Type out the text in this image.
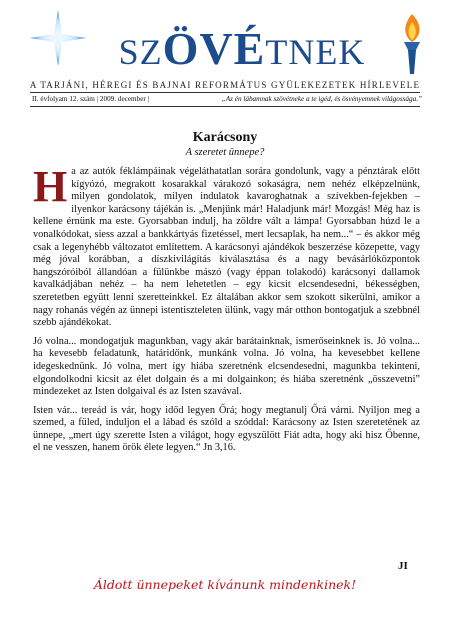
SZÖVÉTNEK
A TARJÁNI, HÉREGI ÉS BAJNAI REFORMÁTUS GYÜLEKEZETEK HÍRLEVELE
II. évfolyam 12. szám | 2009. december |	„Az én lábamnak szövétneke a te igéd, és ösvényemnek világossága.”
Karácsony
A szeretet ünnepe?

Ha az autók féklámpáinak végeláthatatlan sorára gondolunk, vagy a pénztárak előtt kígyózó, megrakott kosarakkal várakozó sokaságra, nem nehéz elképzelnünk, milyen gondolatok, milyen indulatok kavaroghatnak a szívekben-fejekben – ilyenkor karácsony tájékán is. „Menjünk már! Haladjunk már! Mozgás! Még haz is kellene érnünk ma este. Gyorsabban indulj, ha zöldre vált a lámpa! Gyorsabban húzd le a vonalkódokat, siess azzal a bankkártyás fizetéssel, mert lecsaplak, ha nem...“ – és akkor még csak a legenyhébb változatot említettem. A karácsonyi ajándékok beszerzése közepette, vagy még jóval korábban, a díszkivilágítás kiválasztása és a nagy bevásárlóközpontok hangszóróiból állandóan a fülünkbe mászó (vagy éppan tolakodó) karácsonyi dallamok kavalkádjában nehéz – ha nem lehetetlen – egy kicsit elcsendesedni, békességben, szeretetben együtt lenni szeretteinkkel. Ez általában akkor sem szokott sikerülni, amikor a nagy rohanás végén az ünnepi istentiszteleten ülünk, vagy már otthon bontogatjuk a szebbnél szebb ajándékokat.

Jó volna... mondogatjuk magunkban, vagy akár barátainknak, ismerőseinknek is. Jó volna... ha kevesebb feladatunk, határidőnk, munkánk volna. Jó volna, ha kevesebbet kellene idegeskednünk. Jó volna, mert így hiába szeretnénk elcsendesedni, magunkba tekinteni, elgondolkodni kicsit az élet dolgain és a mi dolgainkon; és hiába szeretnénk „összevetni” mindezeket az Isten dolgaival és az Isten szavával.

Isten vár... tereád is vár, hogy időd legyen Őrá; hogy megtanulj Őrá várni. Nyiljon meg a szemed, a füled, induljon el a lábad és szóld a szóddal: Karácsony az Isten szeretetének az ünnepe, „mert úgy szerette Isten a világot, hogy egyszülött Fiát adta, hogy aki hisz Őbenne, el ne vesszen, hanem örök élete legyen.“ Jn 3,16.

JI
Áldott ünnepeket kívánunk mindenkinek!
